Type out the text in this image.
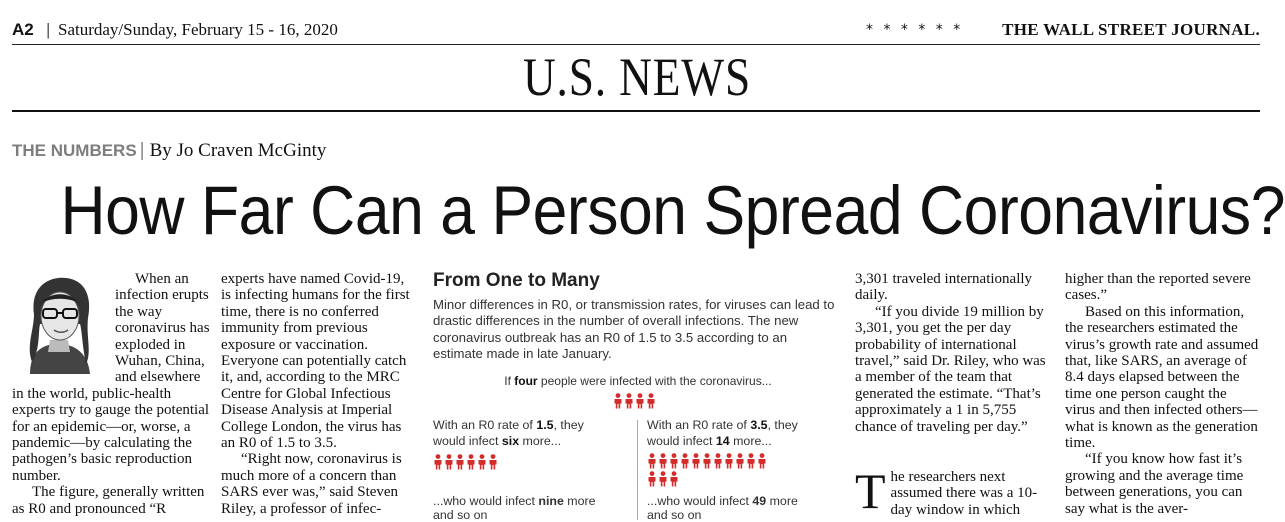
A2 | Saturday/Sunday, February 15 - 16, 2020	* * * * * * THE WALL STREET JOURNAL.
U.S. NEWS
THE NUMBERS | By Jo Craven McGinty
How Far Can a Person Spread Coronavirus?

When an infection erupts the way coronavirus has exploded in Wuhan, China, and elsewhere in the world, public-health experts try to gauge the potential for an epidemic—or, worse, a pandemic—by calculating the pathogen’s basic reproduction number.

The figure, generally written as R0 and pronounced “R

experts have named Covid-19, is infecting humans for the first time, there is no conferred immunity from previous exposure or vaccination. Everyone can potentially catch it, and, according to the MRC Centre for Global Infectious Disease Analysis at Imperial College London, the virus has an R0 of 1.5 to 3.5.

“Right now, coronavirus is much more of a concern than SARS ever was,” said Steven Riley, a professor of infec-

From One to Many
Minor differences in R0, or transmission rates, for viruses can lead to drastic differences in the number of overall infections. The new coronavirus outbreak has an R0 of 1.5 to 3.5 according to an estimate made in late January.
If four people were infected with the coronavirus...
With an R0 rate of 1.5, they
would infect six more...
With an R0 rate of 3.5, they
would infect 14 more...
...who would infect nine more
and so on
...who would infect 49 more
and so on

3,301 traveled internationally daily.

“If you divide 19 million by 3,301, you get the per day probability of international travel,” said Dr. Riley, who was a member of the team that generated the estimate. “That’s approximately a 1 in 5,755 chance of traveling per day.”

The researchers next assumed there was a 10-day window in which

higher than the reported severe cases.”

Based on this information, the researchers estimated the virus’s growth rate and assumed that, like SARS, an average of 8.4 days elapsed between the time one person caught the virus and then infected others—what is known as the generation time.

“If you know how fast it’s growing and the average time between generations, you can say what is the aver-
